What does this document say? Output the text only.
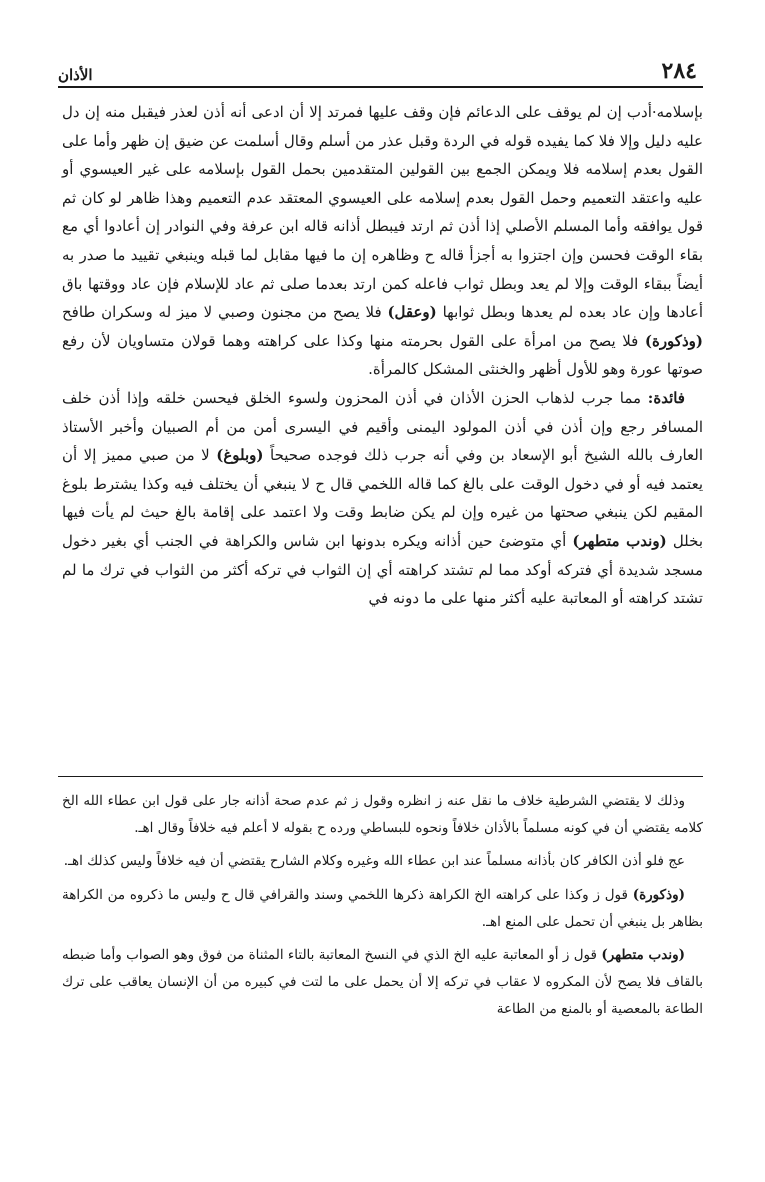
٢٨٤
الأذان

بإسلامه·أدب إن لم يوقف على الدعائم فإن وقف عليها فمرتد إلا أن ادعى أنه أذن لعذر فيقبل منه إن دل عليه دليل وإلا فلا كما يفيده قوله في الردة وقبل عذر من أسلم وقال أسلمت عن ضيق إن ظهر وأما على القول بعدم إسلامه فلا ويمكن الجمع بين القولين المتقدمين بحمل القول بإسلامه على غير العيسوي أو عليه واعتقد التعميم وحمل القول بعدم إسلامه على العيسوي المعتقد عدم التعميم وهذا ظاهر لو كان ثم قول يوافقه وأما المسلم الأصلي إذا أذن ثم ارتد فيبطل أذانه قاله ابن عرفة وفي النوادر إن أعادوا أي مع بقاء الوقت فحسن وإن اجتزوا به أجزأ قاله ح وظاهره إن ما فيها مقابل لما قبله وينبغي تقييد ما صدر به أيضاً ببقاء الوقت وإلا لم يعد وبطل ثواب فاعله كمن ارتد بعدما صلى ثم عاد للإسلام فإن عاد ووقتها باق أعادها وإن عاد بعده لم يعدها وبطل ثوابها (وعقل) فلا يصح من مجنون وصبي لا ميز له وسكران طافح (وذكورة) فلا يصح من امرأة على القول بحرمته منها وكذا على كراهته وهما قولان متساويان لأن رفع صوتها عورة وهو للأول أظهر والخنثى المشكل كالمرأة.

فائدة: مما جرب لذهاب الحزن الأذان في أذن المحزون ولسوء الخلق فيحسن خلقه وإذا أذن خلف المسافر رجع وإن أذن في أذن المولود اليمنى وأقيم في اليسرى أمن من أم الصبيان وأخبر الأستاذ العارف بالله الشيخ أبو الإسعاد بن وفي أنه جرب ذلك فوجده صحيحاً (وبلوغ) لا من صبي مميز إلا أن يعتمد فيه أو في دخول الوقت على بالغ كما قاله اللخمي قال ح لا ينبغي أن يختلف فيه وكذا يشترط بلوغ المقيم لكن ينبغي صحتها من غيره وإن لم يكن ضابط وقت ولا اعتمد على إقامة بالغ حيث لم يأت فيها بخلل (وندب متطهر) أي متوضئ حين أذانه ويكره بدونها ابن شاس والكراهة في الجنب أي بغير دخول مسجد شديدة أي فتركه أوكد مما لم تشتد كراهته أي إن الثواب في تركه أكثر من الثواب في ترك ما لم تشتد كراهته أو المعاتبة عليه أكثر منها على ما دونه في

وذلك لا يقتضي الشرطية خلاف ما نقل عنه ز انظره وقول ز ثم عدم صحة أذانه جار على قول ابن عطاء الله الخ كلامه يقتضي أن في كونه مسلماً بالأذان خلافاً ونحوه للبساطي ورده ح بقوله لا أعلم فيه خلافاً وقال اهـ.

عج فلو أذن الكافر كان بأذانه مسلماً عند ابن عطاء الله وغيره وكلام الشارح يقتضي أن فيه خلافاً وليس كذلك اهـ.

(وذكورة) قول ز وكذا على كراهته الخ الكراهة ذكرها اللخمي وسند والقرافي قال ح وليس ما ذكروه من الكراهة بظاهر بل ينبغي أن تحمل على المنع اهـ.

(وندب متطهر) قول ز أو المعاتبة عليه الخ الذي في النسخ المعاتبة بالتاء المثناة من فوق وهو الصواب وأما ضبطه بالقاف فلا يصح لأن المكروه لا عقاب في تركه إلا أن يحمل على ما لتت في كبيره من أن الإنسان يعاقب على ترك الطاعة بالمعصية أو بالمنع من الطاعة
